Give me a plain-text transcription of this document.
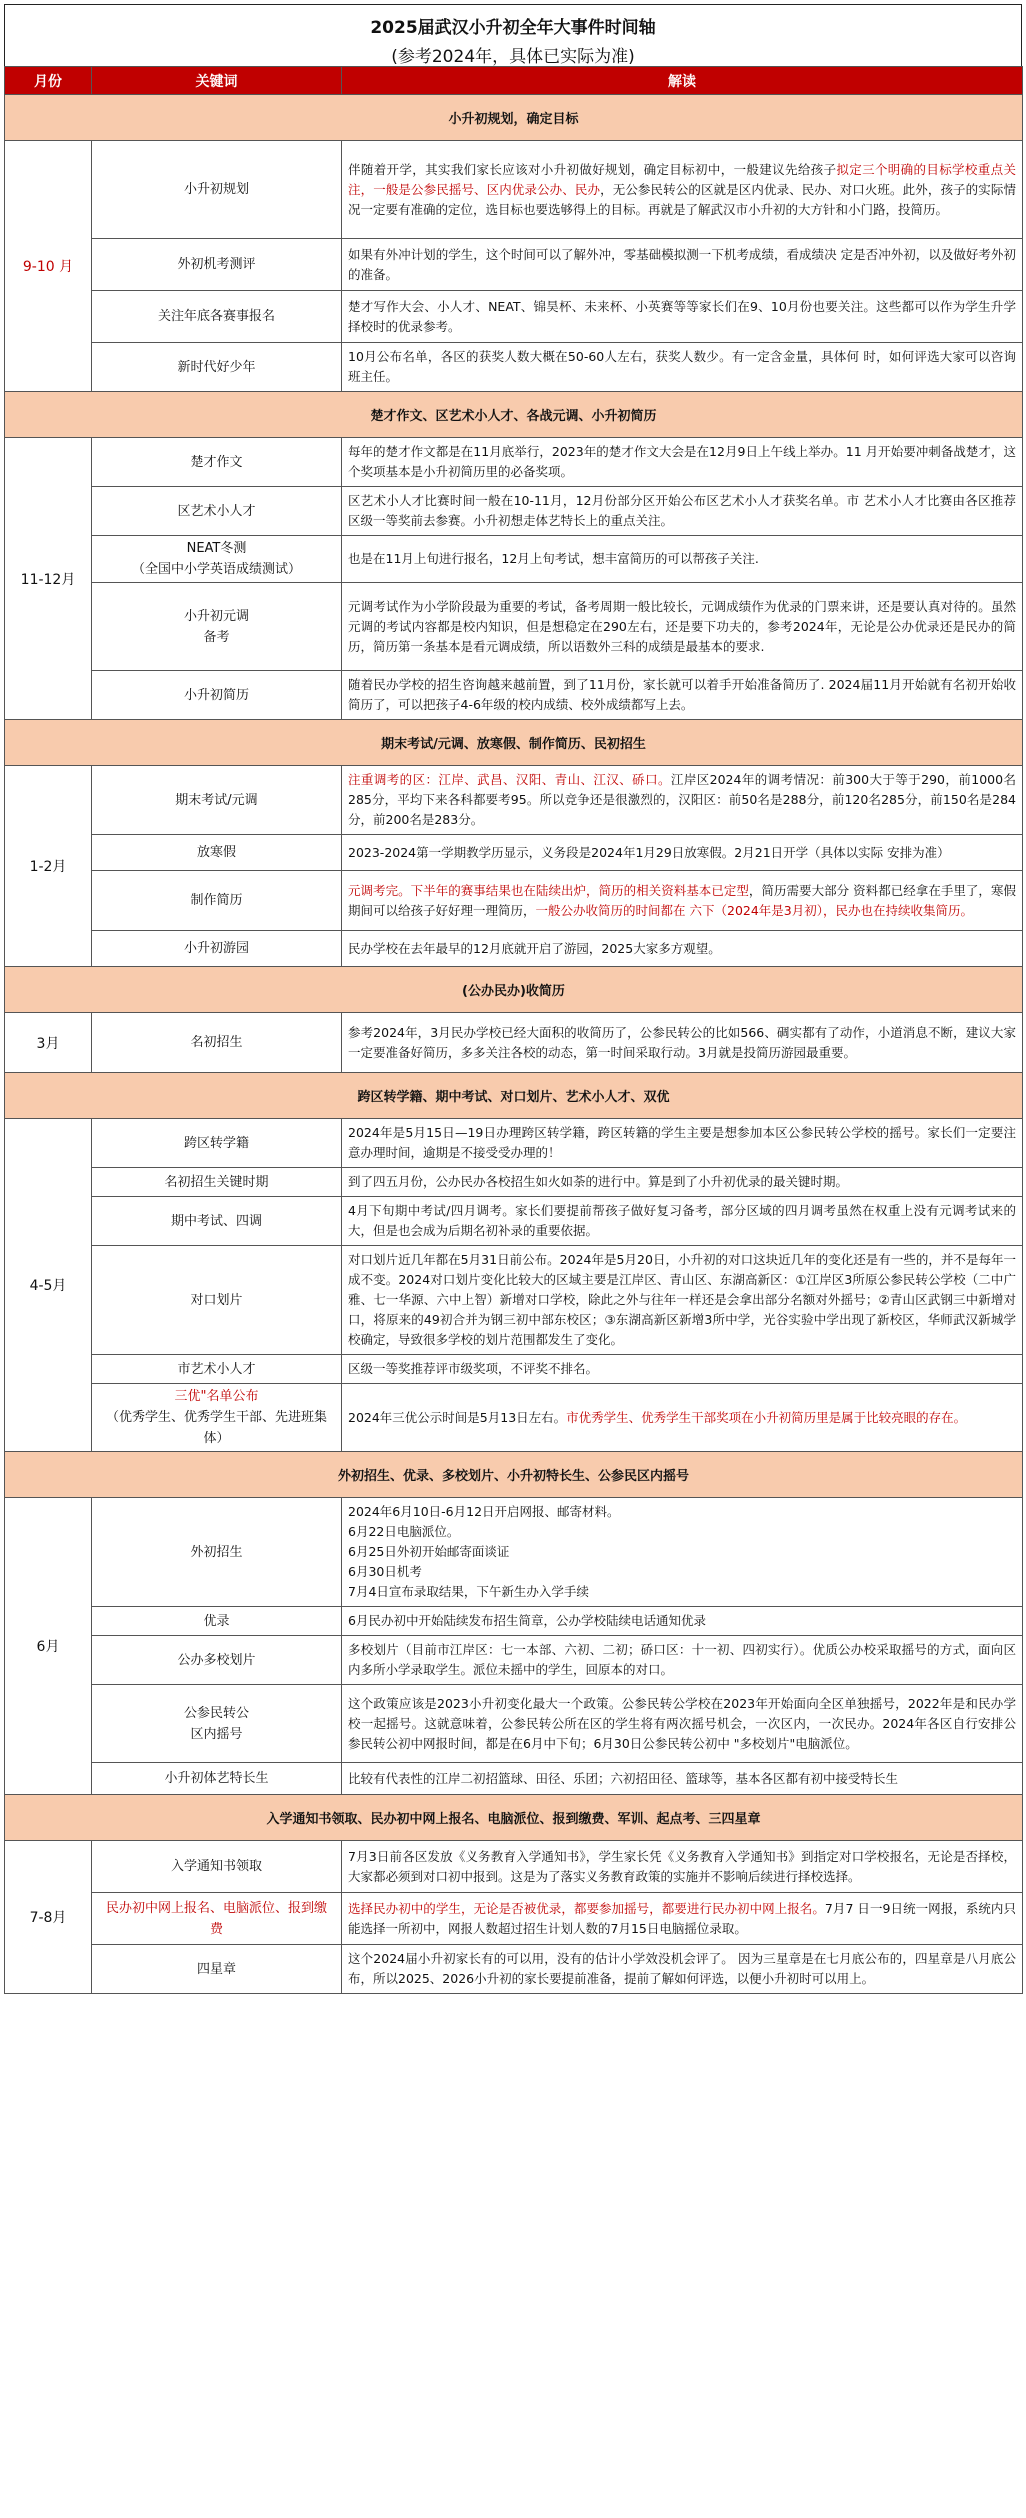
2025届武汉小升初全年大事件时间轴
(参考2024年，具体已实际为准)
月份	关键词	解读
小升初规划，确定目标		
9-10 月	小升初规划	伴随着开学，其实我们家长应该对小升初做好规划，确定目标初中，一般建议先给孩子拟定三个明确的目标学校重点关注，一般是公参民摇号、区内优录公办、民办，无公参民转公的区就是区内优录、民办、对口火班。此外，孩子的实际情况一定要有准确的定位，选目标也要选够得上的目标。再就是了解武汉市小升初的大方针和小门路，投简历。
	外初机考测评	如果有外冲计划的学生，这个时间可以了解外冲，零基础模拟测一下机考成绩，看成绩决 定是否冲外初，以及做好考外初的准备。
	关注年底各赛事报名	楚才写作大会、小人才、NEAT、锦昊杯、未来杯、小英赛等等家长们在9、10月份也要关注。这些都可以作为学生升学择校时的优录参考。
	新时代好少年	10月公布名单，各区的获奖人数大概在50-60人左右，获奖人数少。有一定含金量，具体何 时，如何评选大家可以咨询班主任。
楚才作文、区艺术小人才、各战元调、小升初简历		
11-12月	楚才作文	每年的楚才作文都是在11月底举行，2023年的楚才作文大会是在12月9日上午线上举办。11 月开始要冲刺备战楚才，这个奖项基本是小升初简历里的必备奖项。
	区艺术小人才	区艺术小人才比赛时间一般在10-11月，12月份部分区开始公布区艺术小人才获奖名单。市 艺术小人才比赛由各区推荐区级一等奖前去参赛。小升初想走体艺特长上的重点关注。

	NEAT冬测
（全国中小学英语成绩测试）	也是在11月上旬进行报名，12月上旬考试，想丰富简历的可以帮孩子关注.

	小升初元调
备考	元调考试作为小学阶段最为重要的考试，备考周期一般比较长，元调成绩作为优录的门票来讲，还是要认真对待的。虽然元调的考试内容都是校内知识，但是想稳定在290左右，还是要下功夫的，参考2024年，无论是公办优录还是民办的简历，简历第一条基本是看元调成绩，所以语数外三科的成绩是最基本的要求.
	小升初简历	随着民办学校的招生咨询越来越前置，到了11月份，家长就可以着手开始准备简历了. 2024届11月开始就有名初开始收简历了，可以把孩子4-6年级的校内成绩、校外成绩都写上去。
期末考试/元调、放寒假、制作简历、民初招生		
1-2月	期末考试/元调	注重调考的区：江岸、武昌、汉阳、青山、江汉、硚口。江岸区2024年的调考情况：前300大于等于290，前1000名285分，平均下来各科都要考95。所以竞争还是很激烈的，汉阳区：前50名是288分，前120名285分，前150名是284分，前200名是283分。
	放寒假	2023-2024第一学期教学历显示，义务段是2024年1月29日放寒假。2月21日开学（具体以实际 安排为准）
	制作简历	元调考完。下半年的赛事结果也在陆续出炉，简历的相关资料基本已定型，简历需要大部分 资料都已经拿在手里了，寒假期间可以给孩子好好理一理简历，一般公办收简历的时间都在 六下（2024年是3月初），民办也在持续收集简历。
	小升初游园	民办学校在去年最早的12月底就开启了游园，2025大家多方观望。
(公办民办)收简历		
3月	名初招生	参考2024年，3月民办学校已经大面积的收简历了，公参民转公的比如566、碉实都有了动作，小道消息不断，建议大家一定要准备好简历，多多关注各校的动态，第一时间采取行动。3月就是投简历游园最重要。
跨区转学籍、期中考试、对口划片、艺术小人才、双优		
4-5月	跨区转学籍	2024年是5月15日—19日办理跨区转学籍，跨区转籍的学生主要是想参加本区公参民转公学校的摇号。家长们一定要注意办理时间，逾期是不接受受办理的！
	名初招生关键时期	到了四五月份，公办民办各校招生如火如荼的进行中。算是到了小升初优录的最关键时期。

	期中考试、四调	4月下旬期中考试/四月调考。家长们要提前帮孩子做好复习备考，部分区域的四月调考虽然在权重上没有元调考试来的大，但是也会成为后期名初补录的重要依据。
	对口划片	对口划片近几年都在5月31日前公布。2024年是5月20日，小升初的对口这块近几年的变化还是有一些的，并不是每年一成不变。2024对口划片变化比较大的区域主要是江岸区、青山区、东湖高新区：①江岸区3所原公参民转公学校（二中广雅、七一华源、六中上智）新增对口学校，除此之外与往年一样还是会拿出部分名额对外摇号；②青山区武钢三中新增对口，将原来的49初合并为钢三初中部东校区；③东湖高新区新增3所中学，光谷实验中学出现了新校区，华师武汉新城学校确定，导致很多学校的划片范围都发生了变化。
	市艺术小人才	区级一等奖推荐评市级奖项，不评奖不排名。

	三优"名单公布
（优秀学生、优秀学生干部、先进班集体）	2024年三优公示时间是5月13日左右。市优秀学生、优秀学生干部奖项在小升初简历里是属于比较亮眼的存在。
外初招生、优录、多校划片、小升初特长生、公参民区内摇号		
6月	外初招生	2024年6月10日-6月12日开启网报、邮寄材料。
6月22日电脑派位。
6月25日外初开始邮寄面谈证
6月30日机考
7月4日宣布录取结果，下午新生办入学手续

	优录	6月民办初中开始陆续发布招生简章，公办学校陆续电话通知优录
	公办多校划片	多校划片（目前市江岸区：七一本部、六初、二初；硚口区：十一初、四初实行）。优质公办校采取摇号的方式，面向区内多所小学录取学生。派位未摇中的学生，回原本的对口。

	公参民转公
区内摇号	这个政策应该是2023小升初变化最大一个政策。公参民转公学校在2023年开始面向全区单独摇号，2022年是和民办学校一起摇号。这就意味着，公参民转公所在区的学生将有两次摇号机会，一次区内，一次民办。2024年各区自行安排公参民转公初中网报时间，都是在6月中下旬；6月30日公参民转公初中 "多校划片"电脑派位。
	小升初体艺特长生	比较有代表性的江岸二初招篮球、田径、乐团；六初招田径、篮球等，基本各区都有初中接受特长生
入学通知书领取、民办初中网上报名、电脑派位、报到缴费、军训、起点考、三四星章		
7-8月	入学通知书领取	7月3日前各区发放《义务教育入学通知书》，学生家长凭《义务教育入学通知书》到指定对口学校报名，无论是否择校，大家都必须到对口初中报到。这是为了落实义务教育政策的实施并不影响后续进行择校选择。

	民办初中网上报名、电脑派位、报到缴费	选择民办初中的学生，无论是否被优录，都要参加摇号，都要进行民办初中网上报名。7月7 日一9日统一网报，系统内只能选择一所初中，网报人数超过招生计划人数的7月15日电脑摇位录取。
	四星章	这个2024届小升初家长有的可以用，没有的估计小学效没机会评了。 因为三星章是在七月底公布的，四星章是八月底公布，所以2025、2026小升初的家长要提前准备，提前了解如何评选，以便小升初时可以用上。
